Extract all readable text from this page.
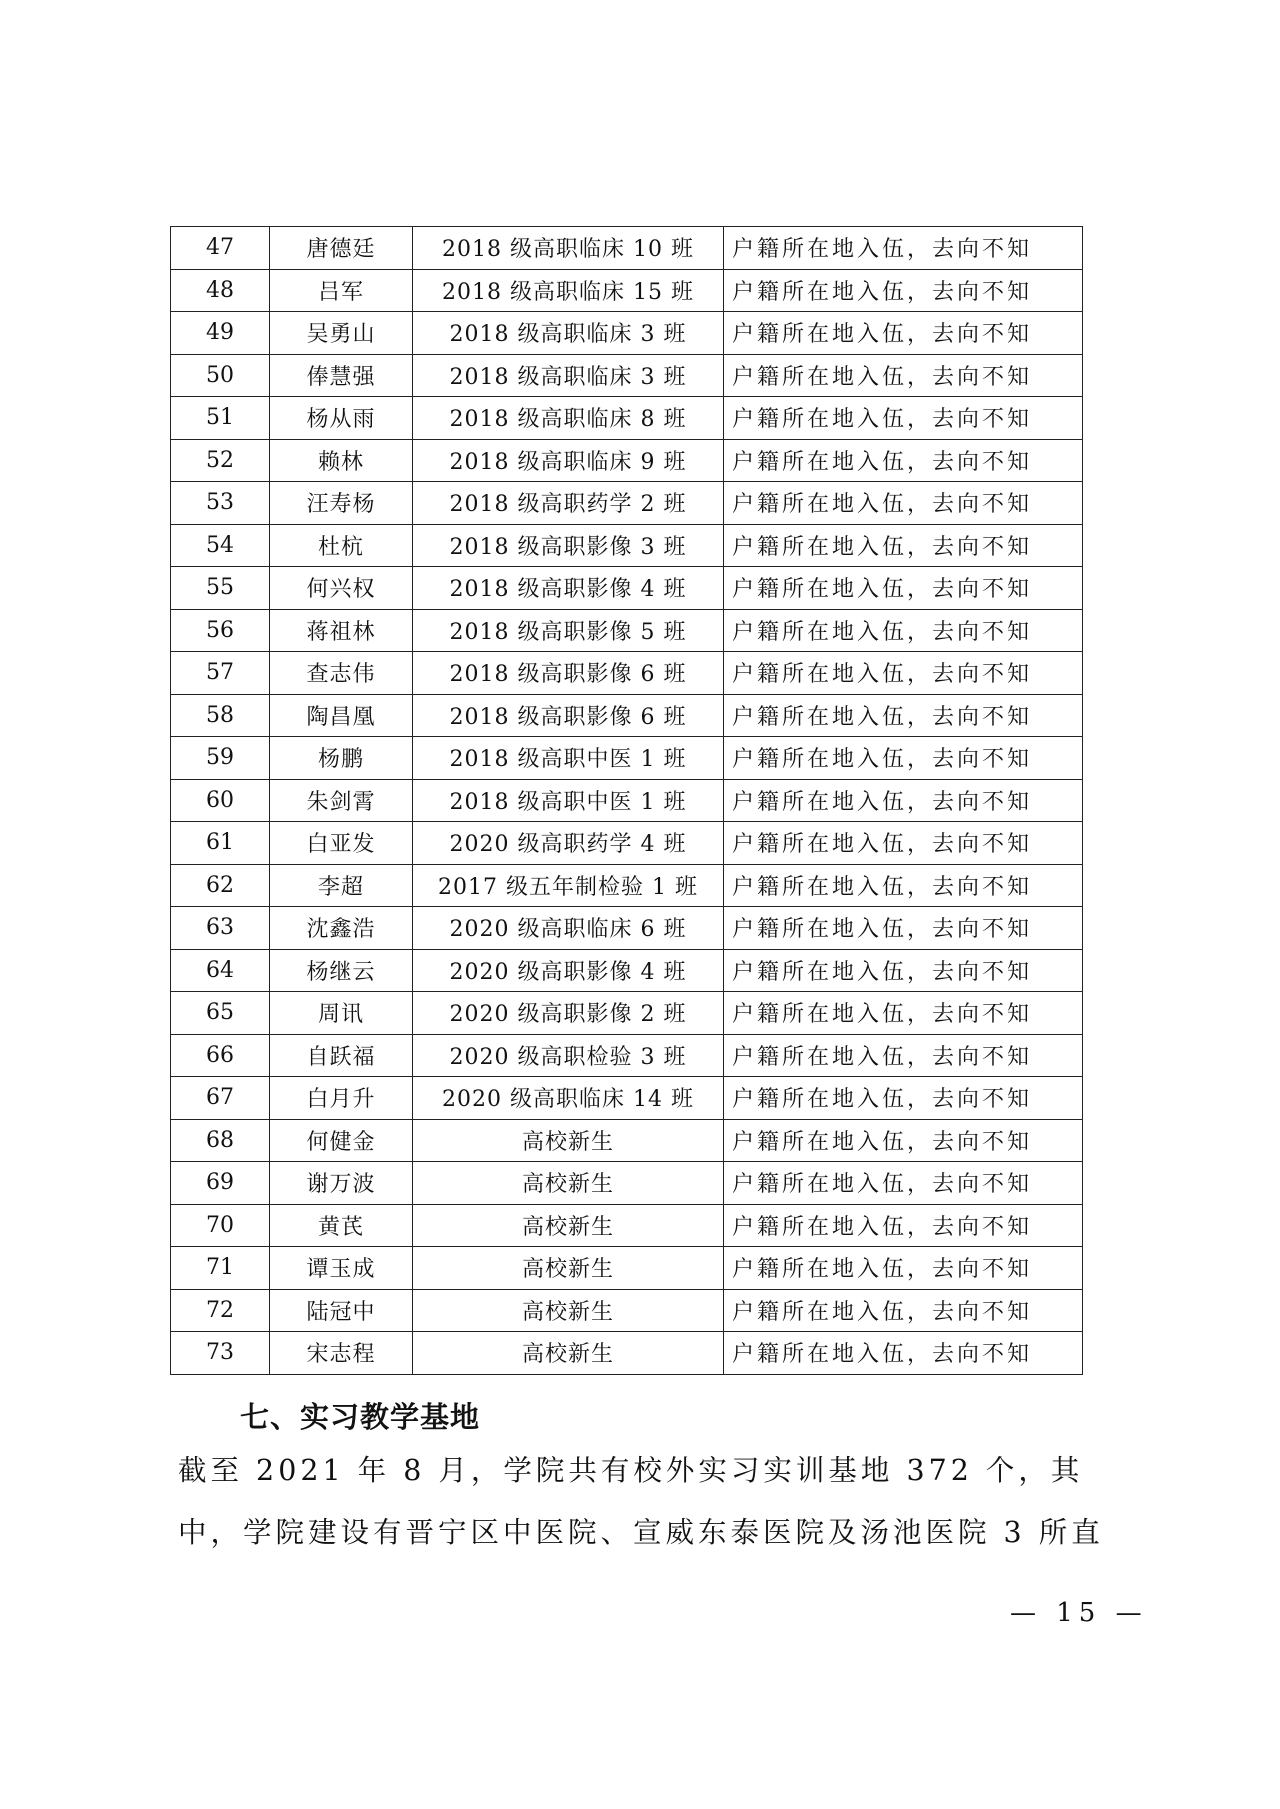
47	唐德廷	2018 级高职临床 10 班	户籍所在地入伍，去向不知
48	吕军	2018 级高职临床 15 班	户籍所在地入伍，去向不知
49	吴勇山	2018 级高职临床 3 班	户籍所在地入伍，去向不知
50	俸慧强	2018 级高职临床 3 班	户籍所在地入伍，去向不知
51	杨从雨	2018 级高职临床 8 班	户籍所在地入伍，去向不知
52	赖林	2018 级高职临床 9 班	户籍所在地入伍，去向不知
53	汪寿杨	2018 级高职药学 2 班	户籍所在地入伍，去向不知
54	杜杭	2018 级高职影像 3 班	户籍所在地入伍，去向不知
55	何兴权	2018 级高职影像 4 班	户籍所在地入伍，去向不知
56	蒋祖林	2018 级高职影像 5 班	户籍所在地入伍，去向不知
57	查志伟	2018 级高职影像 6 班	户籍所在地入伍，去向不知
58	陶昌凰	2018 级高职影像 6 班	户籍所在地入伍，去向不知
59	杨鹏	2018 级高职中医 1 班	户籍所在地入伍，去向不知
60	朱剑霄	2018 级高职中医 1 班	户籍所在地入伍，去向不知
61	白亚发	2020 级高职药学 4 班	户籍所在地入伍，去向不知
62	李超	2017 级五年制检验 1 班	户籍所在地入伍，去向不知
63	沈鑫浩	2020 级高职临床 6 班	户籍所在地入伍，去向不知
64	杨继云	2020 级高职影像 4 班	户籍所在地入伍，去向不知
65	周讯	2020 级高职影像 2 班	户籍所在地入伍，去向不知
66	自跃福	2020 级高职检验 3 班	户籍所在地入伍，去向不知
67	白月升	2020 级高职临床 14 班	户籍所在地入伍，去向不知
68	何健金	高校新生	户籍所在地入伍，去向不知
69	谢万波	高校新生	户籍所在地入伍，去向不知
70	黄芪	高校新生	户籍所在地入伍，去向不知
71	谭玉成	高校新生	户籍所在地入伍，去向不知
72	陆冠中	高校新生	户籍所在地入伍，去向不知
73	宋志程	高校新生	户籍所在地入伍，去向不知
七、实习教学基地

截至 2021 年 8 月，学院共有校外实习实训基地 372 个，其中，学院建设有晋宁区中医院、宣威东泰医院及汤池医院 3 所直

— 15 —
